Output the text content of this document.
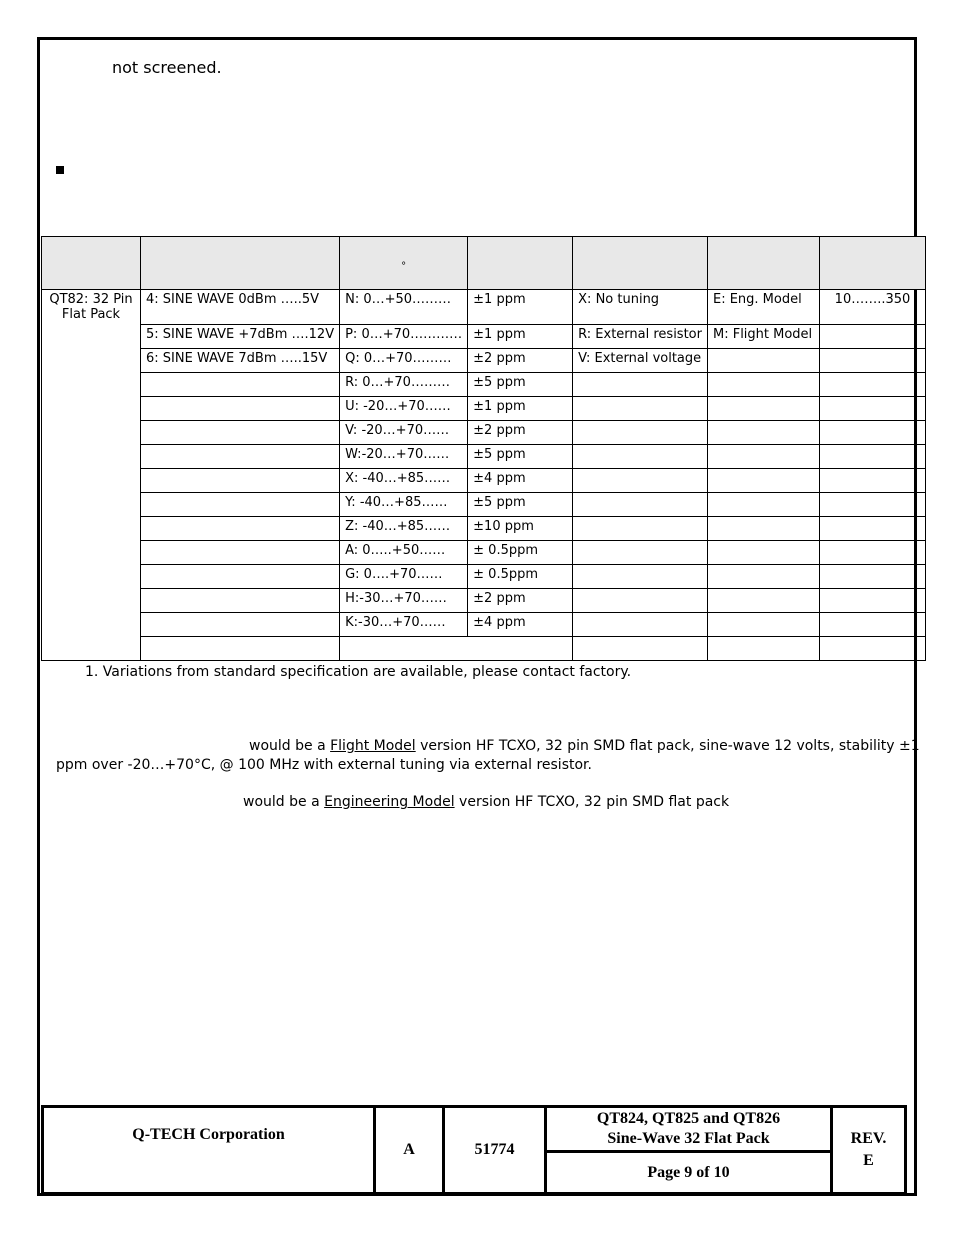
not screened.

		°				

QT82: 32 Pin Flat Pack	4: SINE WAVE 0dBm …..5V	N: 0…+50………	±1 ppm	X: No tuning	E: Eng. Model	10……..350
	5: SINE WAVE +7dBm ….12V	P: 0…+70…………	±1 ppm	R: External resistor	M: Flight Model	
	6: SINE WAVE 7dBm …..15V	Q: 0…+70………	±2 ppm	V: External voltage		
		R: 0…+70………	±5 ppm			
		U: -20…+70……	±1 ppm			
		V: -20…+70……	±2 ppm			
		W:-20…+70……	±5 ppm			
		X: -40…+85……	±4 ppm			
		Y: -40…+85……	±5 ppm			
		Z: -40…+85……	±10 ppm			
		A: 0…..+50……	± 0.5ppm			
		G: 0….+70……	± 0.5ppm			
		H:-30…+70……	±2 ppm			
		K:-30…+70……	±4 ppm			

1. Variations from standard specification are available, please contact factory.
would be a Flight Model version HF TCXO, 32 pin SMD flat pack, sine-wave 12 volts, stability ±1
ppm over -20…+70°C, @ 100 MHz with external tuning via external resistor.
would be a Engineering Model version HF TCXO, 32 pin SMD flat pack
Q-TECH Corporation	A	51774	
QT824, QT825 and QT826
Sine-Wave 32 Flat Pack	REV.
E

Page 9 of 10
